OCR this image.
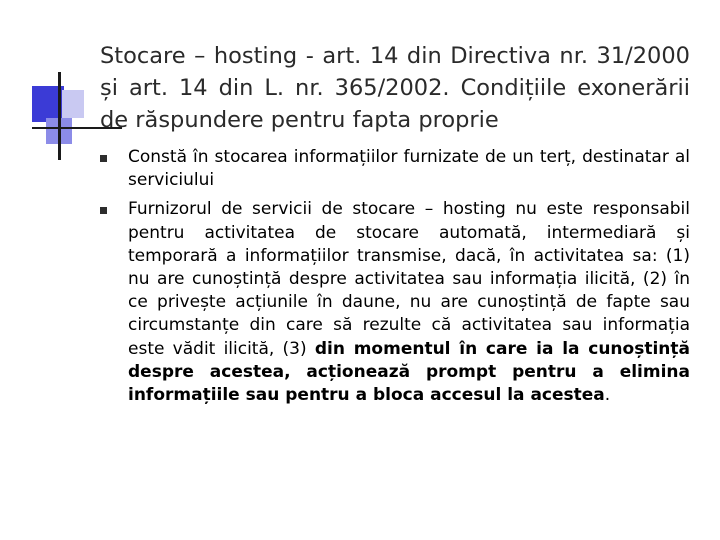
Stocare – hosting - art. 14 din Directiva nr. 31/2000 și art. 14 din L. nr. 365/2002. Condițiile exonerării de răspundere pentru fapta proprie
Constă în stocarea informațiilor furnizate de un terț, destinatar al serviciului
Furnizorul de servicii de stocare – hosting nu este responsabil pentru activitatea de stocare automată, intermediară și temporară a informațiilor transmise, dacă, în activitatea sa: (1) nu are cunoștință despre activitatea sau informația ilicită, (2) în ce privește acțiunile în daune, nu are cunoștință de fapte sau circumstanțe din care să rezulte că activitatea sau informația este vădit ilicită, (3) din momentul în care ia la cunoștință despre acestea, acționează prompt pentru a elimina informațiile sau pentru a bloca accesul la acestea.
